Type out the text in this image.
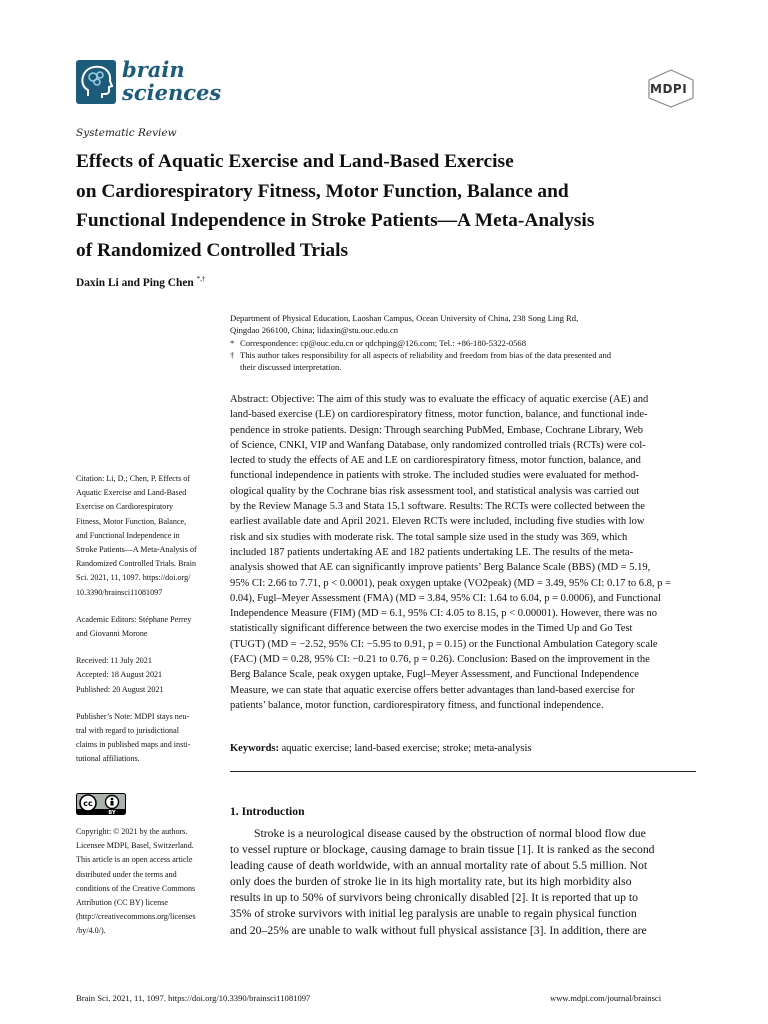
brain
sciences	MDPI
Systematic Review
Effects of Aquatic Exercise and Land-Based Exercise
on Cardiorespiratory Fitness, Motor Function, Balance and
Functional Independence in Stroke Patients—A Meta-Analysis
of Randomized Controlled Trials
Daxin Li and Ping Chen *,†
Department of Physical Education, Laoshan Campus, Ocean University of China, 238 Song Ling Rd,
Qingdao 266100, China; lidaxin@stu.ouc.edu.cn
* Correspondence: cp@ouc.edu.cn or qdchping@126.com; Tel.: +86-180-5322-0568
† This author takes responsibility for all aspects of reliability and freedom from bias of the data presented and
their discussed interpretation.
Abstract: Objective: The aim of this study was to evaluate the efficacy of aquatic exercise (AE) and
land-based exercise (LE) on cardiorespiratory fitness, motor function, balance, and functional inde-
pendence in stroke patients. Design: Through searching PubMed, Embase, Cochrane Library, Web
of Science, CNKI, VIP and Wanfang Database, only randomized controlled trials (RCTs) were col-
lected to study the effects of AE and LE on cardiorespiratory fitness, motor function, balance, and
functional independence in patients with stroke. The included studies were evaluated for method-
ological quality by the Cochrane bias risk assessment tool, and statistical analysis was carried out
by the Review Manage 5.3 and Stata 15.1 software. Results: The RCTs were collected between the
earliest available date and April 2021. Eleven RCTs were included, including five studies with low
risk and six studies with moderate risk. The total sample size used in the study was 369, which
included 187 patients undertaking AE and 182 patients undertaking LE. The results of the meta-
analysis showed that AE can significantly improve patients’ Berg Balance Scale (BBS) (MD = 5.19,
95% CI: 2.66 to 7.71, p < 0.0001), peak oxygen uptake (VO2peak) (MD = 3.49, 95% CI: 0.17 to 6.8, p =
0.04), Fugl–Meyer Assessment (FMA) (MD = 3.84, 95% CI: 1.64 to 6.04, p = 0.0006), and Functional
Independence Measure (FIM) (MD = 6.1, 95% CI: 4.05 to 8.15, p < 0.00001). However, there was no
statistically significant difference between the two exercise modes in the Timed Up and Go Test
(TUGT) (MD = −2.52, 95% CI: −5.95 to 0.91, p = 0.15) or the Functional Ambulation Category scale
(FAC) (MD = 0.28, 95% CI: −0.21 to 0.76, p = 0.26). Conclusion: Based on the improvement in the
Berg Balance Scale, peak oxygen uptake, Fugl–Meyer Assessment, and Functional Independence
Measure, we can state that aquatic exercise offers better advantages than land-based exercise for
patients’ balance, motor function, cardiorespiratory fitness, and functional independence.
Keywords: aquatic exercise; land-based exercise; stroke; meta-analysis
Citation: Li, D.; Chen, P. Effects of
Aquatic Exercise and Land-Based
Exercise on Cardiorespiratory
Fitness, Motor Function, Balance,
and Functional Independence in
Stroke Patients—A Meta-Analysis of
Randomized Controlled Trials. Brain
Sci. 2021, 11, 1097. https://doi.org/
10.3390/brainsci11081097
Academic Editors: Stéphane Perrey
and Giovanni Morone
Received: 11 July 2021
Accepted: 18 August 2021
Published: 20 August 2021
Publisher’s Note: MDPI stays neu-
tral with regard to jurisdictional
claims in published maps and insti-
tutional affiliations.
cc
BY
Copyright: © 2021 by the authors.
Licensee MDPI, Basel, Switzerland.
This article is an open access article
distributed under the terms and
conditions of the Creative Commons
Attribution (CC BY) license
(http://creativecommons.org/licenses
/by/4.0/).
1. Introduction
Stroke is a neurological disease caused by the obstruction of normal blood flow due
to vessel rupture or blockage, causing damage to brain tissue [1]. It is ranked as the second
leading cause of death worldwide, with an annual mortality rate of about 5.5 million. Not
only does the burden of stroke lie in its high mortality rate, but its high morbidity also
results in up to 50% of survivors being chronically disabled [2]. It is reported that up to
35% of stroke survivors with initial leg paralysis are unable to regain physical function
and 20–25% are unable to walk without full physical assistance [3]. In addition, there are
Brain Sci. 2021, 11, 1097. https://doi.org/10.3390/brainsci11081097	www.mdpi.com/journal/brainsci
